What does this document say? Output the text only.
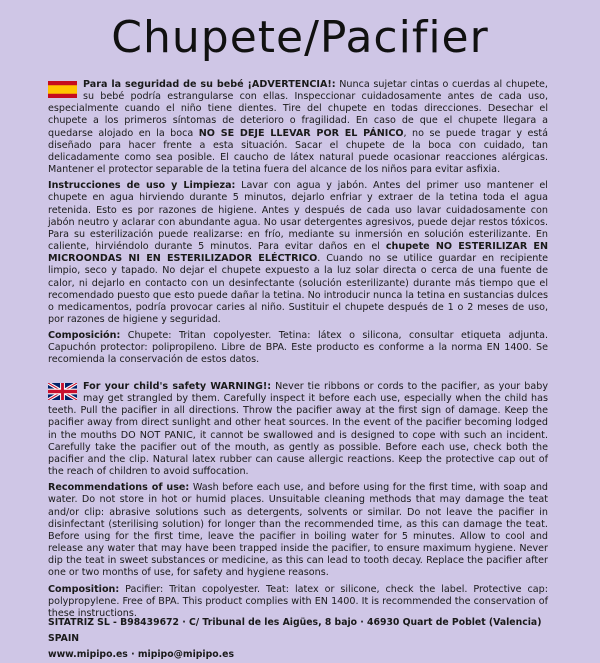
Chupete/Pacifier

Para la seguridad de su bebé ¡ADVERTENCIA!: Nunca sujetar cintas o cuerdas al chupete, su bebé podría estrangularse con ellas. Inspeccionar cuidadosamente antes de cada uso, especialmente cuando el niño tiene dientes. Tire del chupete en todas direcciones. Desechar el chupete a los primeros síntomas de deterioro o fragilidad. En caso de que el chupete llegara a quedarse alojado en la boca NO SE DEJE LLEVAR POR EL PÁNICO, no se puede tragar y está diseñado para hacer frente a esta situación. Sacar el chupete de la boca con cuidado, tan delicadamente como sea posible. El caucho de látex natural puede ocasionar reacciones alérgicas. Mantener el protector separable de la tetina fuera del alcance de los niños para evitar asfixia.

Instrucciones de uso y Limpieza: Lavar con agua y jabón. Antes del primer uso mantener el chupete en agua hirviendo durante 5 minutos, dejarlo enfriar y extraer de la tetina toda el agua retenida. Esto es por razones de higiene. Antes y después de cada uso lavar cuidadosamente con jabón neutro y aclarar con abundante agua. No usar detergentes agresivos, puede dejar restos tóxicos. Para su esterilización puede realizarse: en frío, mediante su inmersión en solución esterilizante. En caliente, hirviéndolo durante 5 minutos. Para evitar daños en el chupete NO ESTERILIZAR EN MICROONDAS NI EN ESTERILIZADOR ELÉCTRICO. Cuando no se utilice guardar en recipiente limpio, seco y tapado. No dejar el chupete expuesto a la luz solar directa o cerca de una fuente de calor, ni dejarlo en contacto con un desinfectante (solución esterilizante) durante más tiempo que el recomendado puesto que esto puede dañar la tetina. No introducir nunca la tetina en sustancias dulces o medicamentos, podría provocar caries al niño. Sustituir el chupete después de 1 o 2 meses de uso, por razones de higiene y seguridad.

Composición: Chupete: Tritan copolyester. Tetina: látex o silicona, consultar etiqueta adjunta. Capuchón protector: polipropileno. Libre de BPA. Este producto es conforme a la norma EN 1400. Se recomienda la conservación de estos datos.

For your child's safety WARNING!: Never tie ribbons or cords to the pacifier, as your baby may get strangled by them. Carefully inspect it before each use, especially when the child has teeth. Pull the pacifier in all directions. Throw the pacifier away at the first sign of damage. Keep the pacifier away from direct sunlight and other heat sources. In the event of the pacifier becoming lodged in the mouths DO NOT PANIC, it cannot be swallowed and is designed to cope with such an incident. Carefully take the pacifier out of the mouth, as gently as possible. Before each use, check both the pacifier and the clip. Natural latex rubber can cause allergic reactions. Keep the protective cap out of the reach of children to avoid suffocation.

Recommendations of use: Wash before each use, and before using for the first time, with soap and water. Do not store in hot or humid places. Unsuitable cleaning methods that may damage the teat and/or clip: abrasive solutions such as detergents, solvents or similar. Do not leave the pacifier in disinfectant (sterilising solution) for longer than the recommended time, as this can damage the teat. Before using for the first time, leave the pacifier in boiling water for 5 minutes. Allow to cool and release any water that may have been trapped inside the pacifier, to ensure maximum hygiene. Never dip the teat in sweet substances or medicine, as this can lead to tooth decay. Replace the pacifier after one or two months of use, for safety and hygiene reasons.

Composition: Pacifier: Tritan copolyester. Teat: latex or silicone, check the label. Protective cap: polypropylene. Free of BPA. This product complies with EN 1400. It is recommended the conservation of these instructions.

SITATRIZ SL - B98439672 · C/ Tribunal de les Aigües, 8 bajo · 46930 Quart de Poblet (Valencia) SPAIN
www.mipipo.es · mipipo@mipipo.es
